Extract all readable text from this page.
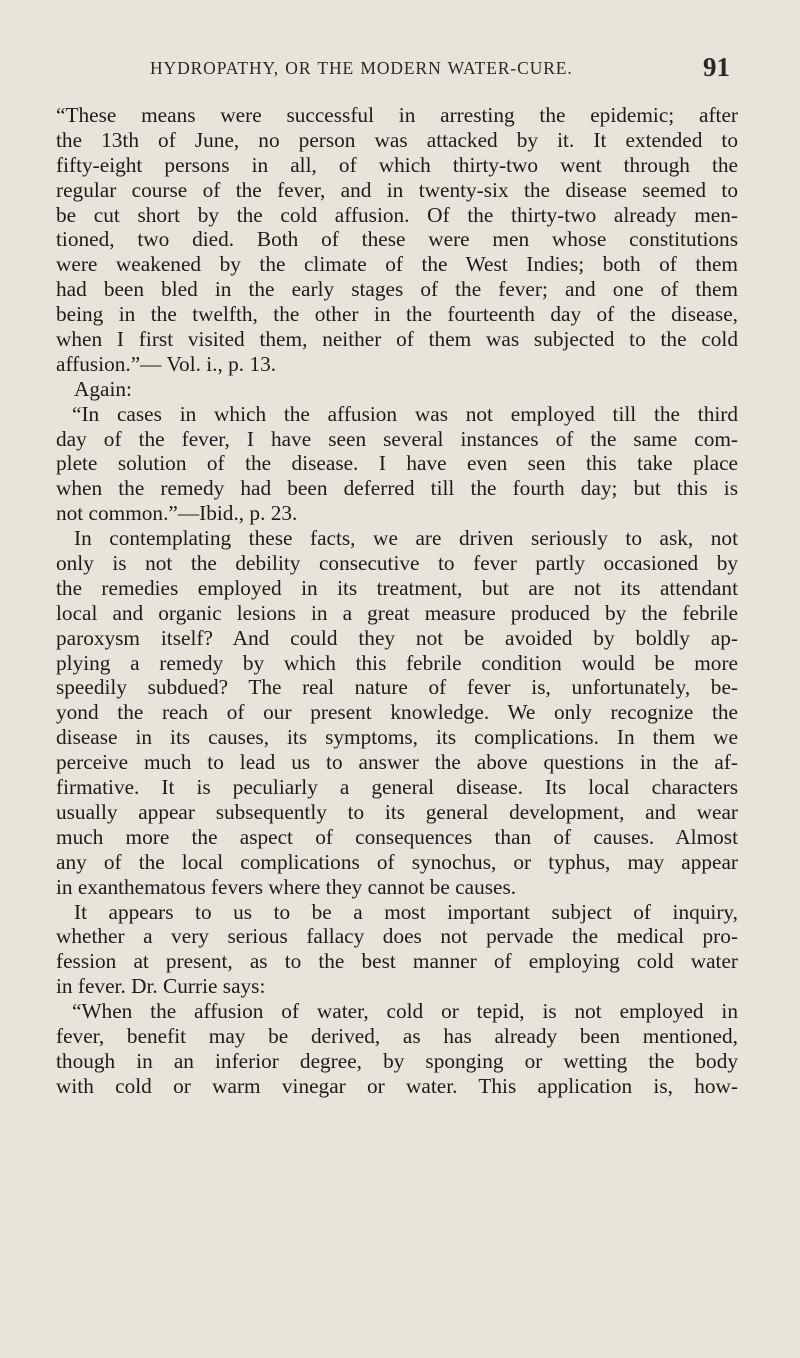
HYDROPATHY, OR THE MODERN WATER-CURE.	91
“These means were successful in arresting the epidemic; after
the 13th of June, no person was attacked by it. It extended to
fifty-eight persons in all, of which thirty-two went through the
regular course of the fever, and in twenty-six the disease seemed to
be cut short by the cold affusion. Of the thirty-two already men-
tioned, two died. Both of these were men whose constitutions
were weakened by the climate of the West Indies; both of them
had been bled in the early stages of the fever; and one of them
being in the twelfth, the other in the fourteenth day of the disease,
when I first visited them, neither of them was subjected to the cold
affusion.”— Vol. i., p. 13.
Again:
“In cases in which the affusion was not employed till the third
day of the fever, I have seen several instances of the same com-
plete solution of the disease. I have even seen this take place
when the remedy had been deferred till the fourth day; but this is
not common.”—Ibid., p. 23.
In contemplating these facts, we are driven seriously to ask, not
only is not the debility consecutive to fever partly occasioned by
the remedies employed in its treatment, but are not its attendant
local and organic lesions in a great measure produced by the febrile
paroxysm itself? And could they not be avoided by boldly ap-
plying a remedy by which this febrile condition would be more
speedily subdued? The real nature of fever is, unfortunately, be-
yond the reach of our present knowledge. We only recognize the
disease in its causes, its symptoms, its complications. In them we
perceive much to lead us to answer the above questions in the af-
firmative. It is peculiarly a general disease. Its local characters
usually appear subsequently to its general development, and wear
much more the aspect of consequences than of causes. Almost
any of the local complications of synochus, or typhus, may appear
in exanthematous fevers where they cannot be causes.
It appears to us to be a most important subject of inquiry,
whether a very serious fallacy does not pervade the medical pro-
fession at present, as to the best manner of employing cold water
in fever. Dr. Currie says:
“When the affusion of water, cold or tepid, is not employed in
fever, benefit may be derived, as has already been mentioned,
though in an inferior degree, by sponging or wetting the body
with cold or warm vinegar or water. This application is, how-
